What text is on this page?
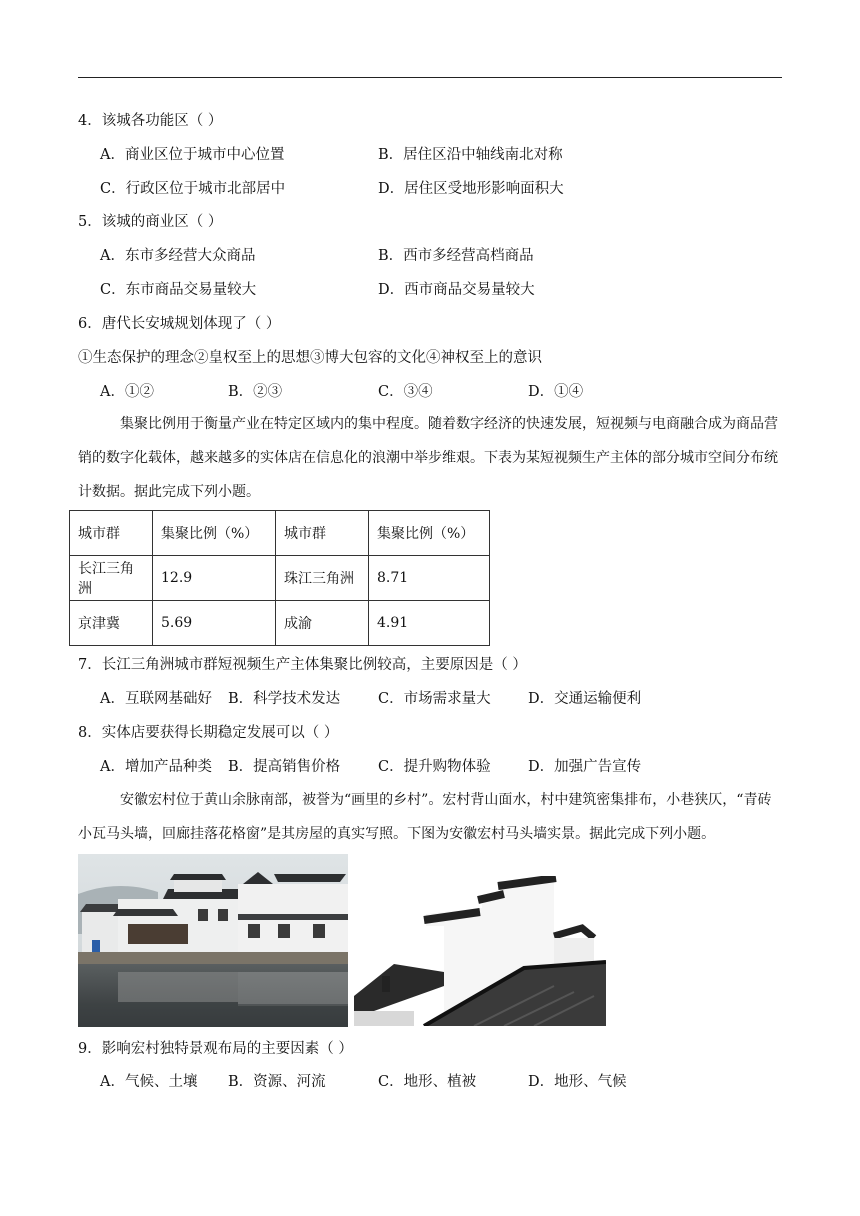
4．该城各功能区（ ）
A．商业区位于城市中心位置	B．居住区沿中轴线南北对称
C．行政区位于城市北部居中	D．居住区受地形影响面积大
5．该城的商业区（ ）
A．东市多经营大众商品	B．西市多经营高档商品
C．东市商品交易量较大	D．西市商品交易量较大
6．唐代长安城规划体现了（ ）
①生态保护的理念②皇权至上的思想③博大包容的文化④神权至上的意识
A．①②	B．②③	C．③④	D．①④
集聚比例用于衡量产业在特定区域内的集中程度。随着数字经济的快速发展，短视频与电商融合成为商品营销的数字化载体，越来越多的实体店在信息化的浪潮中举步维艰。下表为某短视频生产主体的部分城市空间分布统计数据。据此完成下列小题。
城市群	集聚比例（%）	城市群	集聚比例（%）
长江三角洲	12.9	珠江三角洲	8.71
京津冀	5.69	成渝	4.91
7．长江三角洲城市群短视频生产主体集聚比例较高，主要原因是（ ）
A．互联网基础好 B．科学技术发达	C．市场需求量大	D．交通运输便利
8．实体店要获得长期稳定发展可以（ ）
A．增加产品种类 B．提高销售价格	C．提升购物体验	D．加强广告宣传
安徽宏村位于黄山余脉南部，被誉为“画里的乡村”。宏村背山面水，村中建筑密集排布，小巷狭仄，“青砖小瓦马头墙，回廊挂落花格窗”是其房屋的真实写照。下图为安徽宏村马头墙实景。据此完成下列小题。
9．影响宏村独特景观布局的主要因素（ ）
A．气候、土壤 B．资源、河流	C．地形、植被	D．地形、气候
